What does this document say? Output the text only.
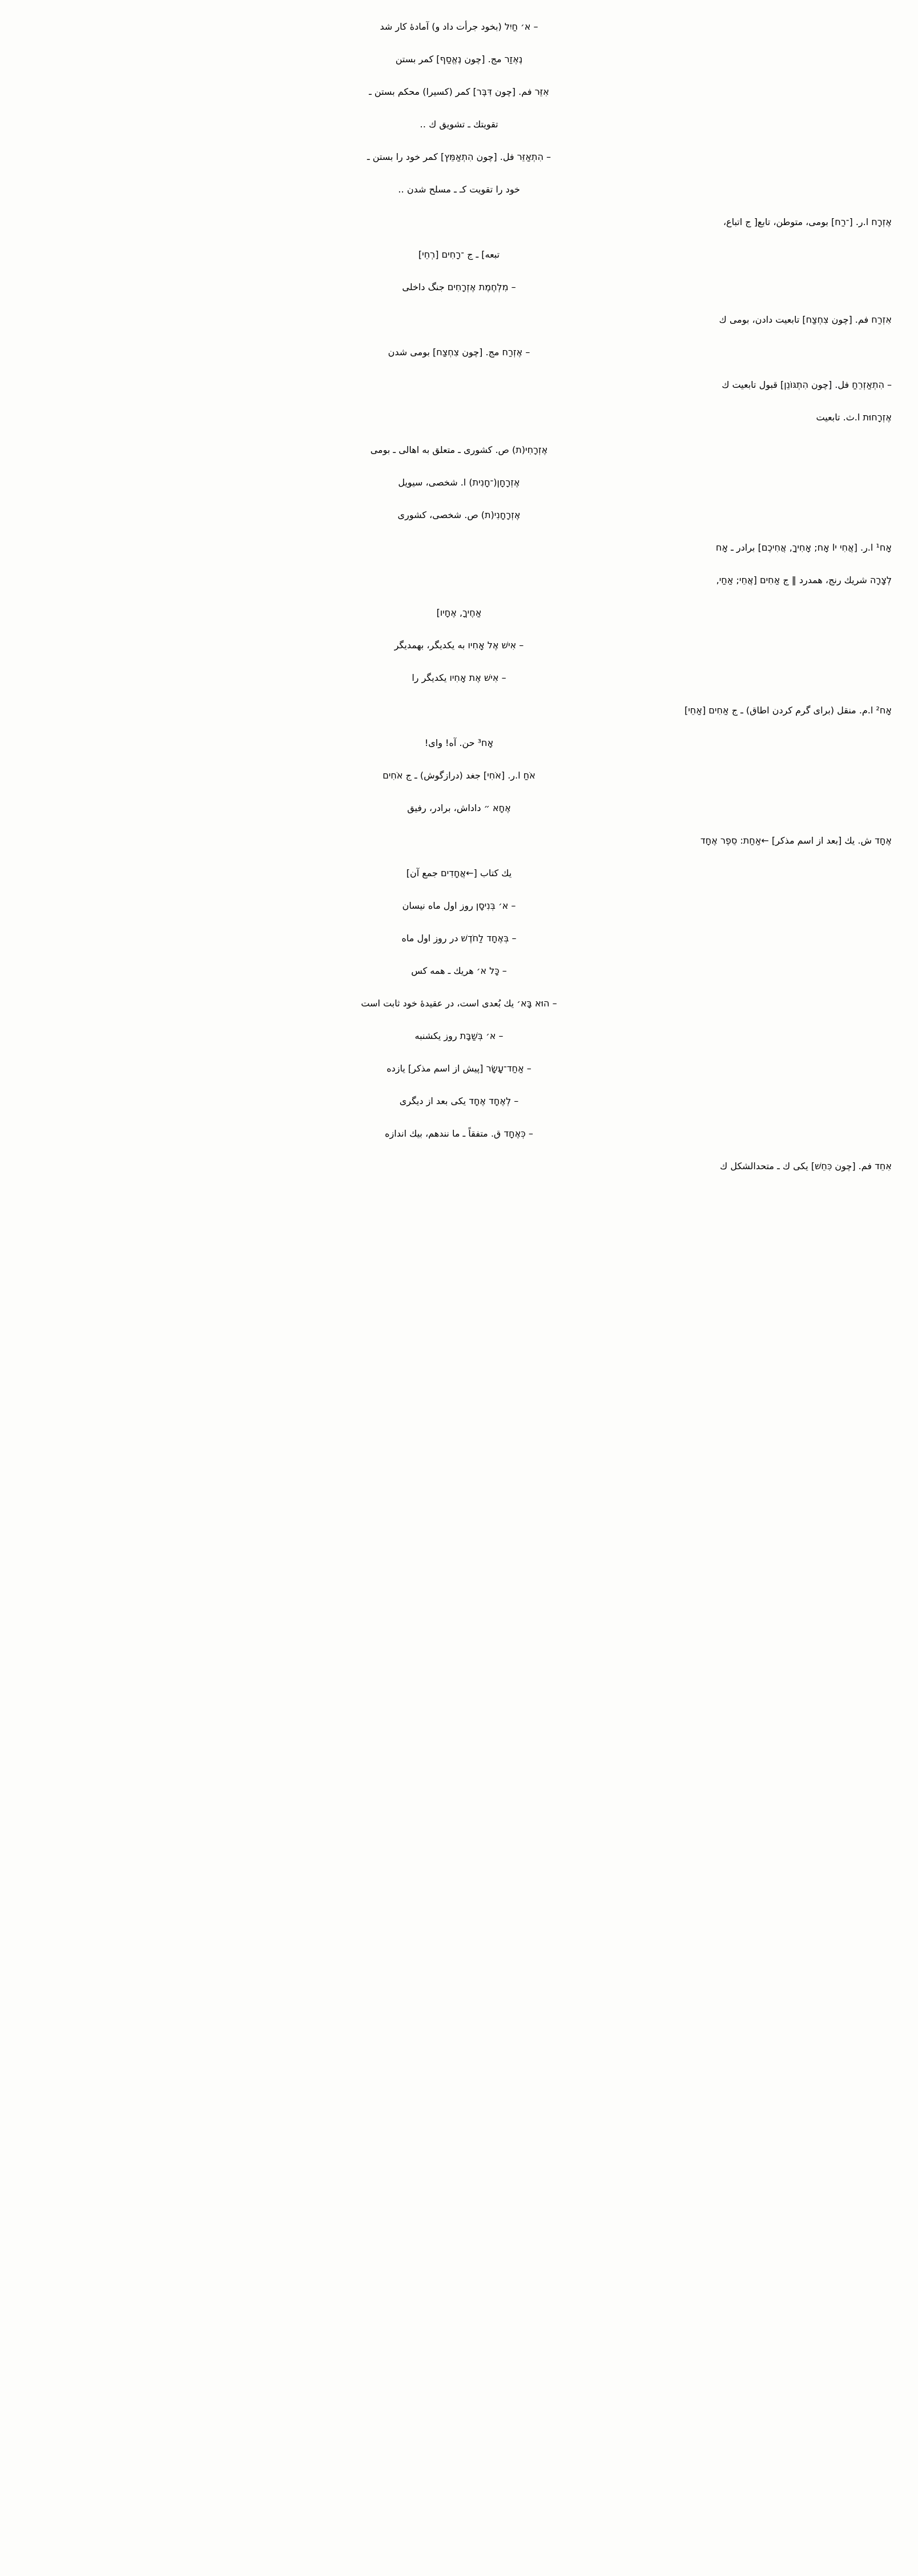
– א׳ חַיִל (بخود جرأت داد و) آمادهٔ كار شد
נֶאְזַר مج. [چون נֶאֱסַף] كمر بستن
אִזֵּר فم. [چون דִּבֶּר] كمر (كسیرا) محكم بستن ـ
تقویتك ـ تشویق ك ‥
– הִתְאַזֵּר فل. [چون הִתְאַמֵּץ] كمر خود را بستن ـ
خود را تقویت كـ ـ مسلح شدن ‥
אֶזְרָח ا.ر. [־רַח] بومی، متوطن، تابع[ ج اتباع،
تبعه] ـ ج ־רָחִים [רְחֵי]
– מִלְחֶמֶת אֶזְרָחִים جنگ داخلی
אִזְרַח فم. [چون צִחְצַח] تابعیت دادن، بومی ك
– אֶזְרַח مج. [چون צִחְצַח] بومی شدن
– הִתְאַזְרֵחַ فل. [چون הִתְגּוֹנֵן] قبول تابعیت ك
אֶזְרָחוּת ا.ث. تابعیت
אֶזְרָחִי(ת) ص. كشوری ـ متعلق به اهالی ـ بومی
אֶזְרָחָן(־חָנִית) ا. شخصی، سیویل
אֶזְרָחָנִי(ת) ص. شخصی، كشوری
אָח¹ ا.ر. [אֲחִי יا אָח; אָחִיךָ, אֲחִיכֶם] برادر ـ אָח
לְצָרָה شریك رنج، همدرد ‖ ج אַחִים [אֲחֵי; אַחַי,
אַחֶיךָ, אֶחָיו]
– אִישׁ אֶל אָחִיו به یكدیگر، بهمدیگر
– אִישׁ אֶת אָחִיו یكدیگر را
אָח² ا.م. منقل (برای گرم كردن اطاق) ـ ج אַחִים [אַחֵי]
אָח³ حن. آه! وای!
אֹחַ ا.ر. [אֹחִי] جغد (درازگوش) ـ ج אֹחִים
אֶחָא ״ داداش، برادر، رفیق
אֶחָד ش. یك [بعد از اسم مذكر] ←אַחַת: סֵפֶר אֶחָד
یك كتاب [←אֲחָדִים جمع آن]
– א׳ בְּנִיסָן روز اول ماه نیسان
– בְּאֶחָד לַחֹדֶשׁ در روز اول ماه
– כָּל א׳ هریك ـ همه كس
– הוּא בָּא׳ یك بُعدی است، در عقیدهٔ خود ثابت است
– א׳ בְּשַׁבָּת روز یكشنبه
– אַחַד־עָשָׂר [پیش از اسم مذكر] یازده
– לְאֶחָד אֶחָד یكی بعد از دیگری
– כְּאֶחָד ق. متفقاً ـ ما نندهم، بیك اندازه
אִחֵד فم. [چون כִּחֵשׁ] یكی ك ـ متحدالشكل ك
